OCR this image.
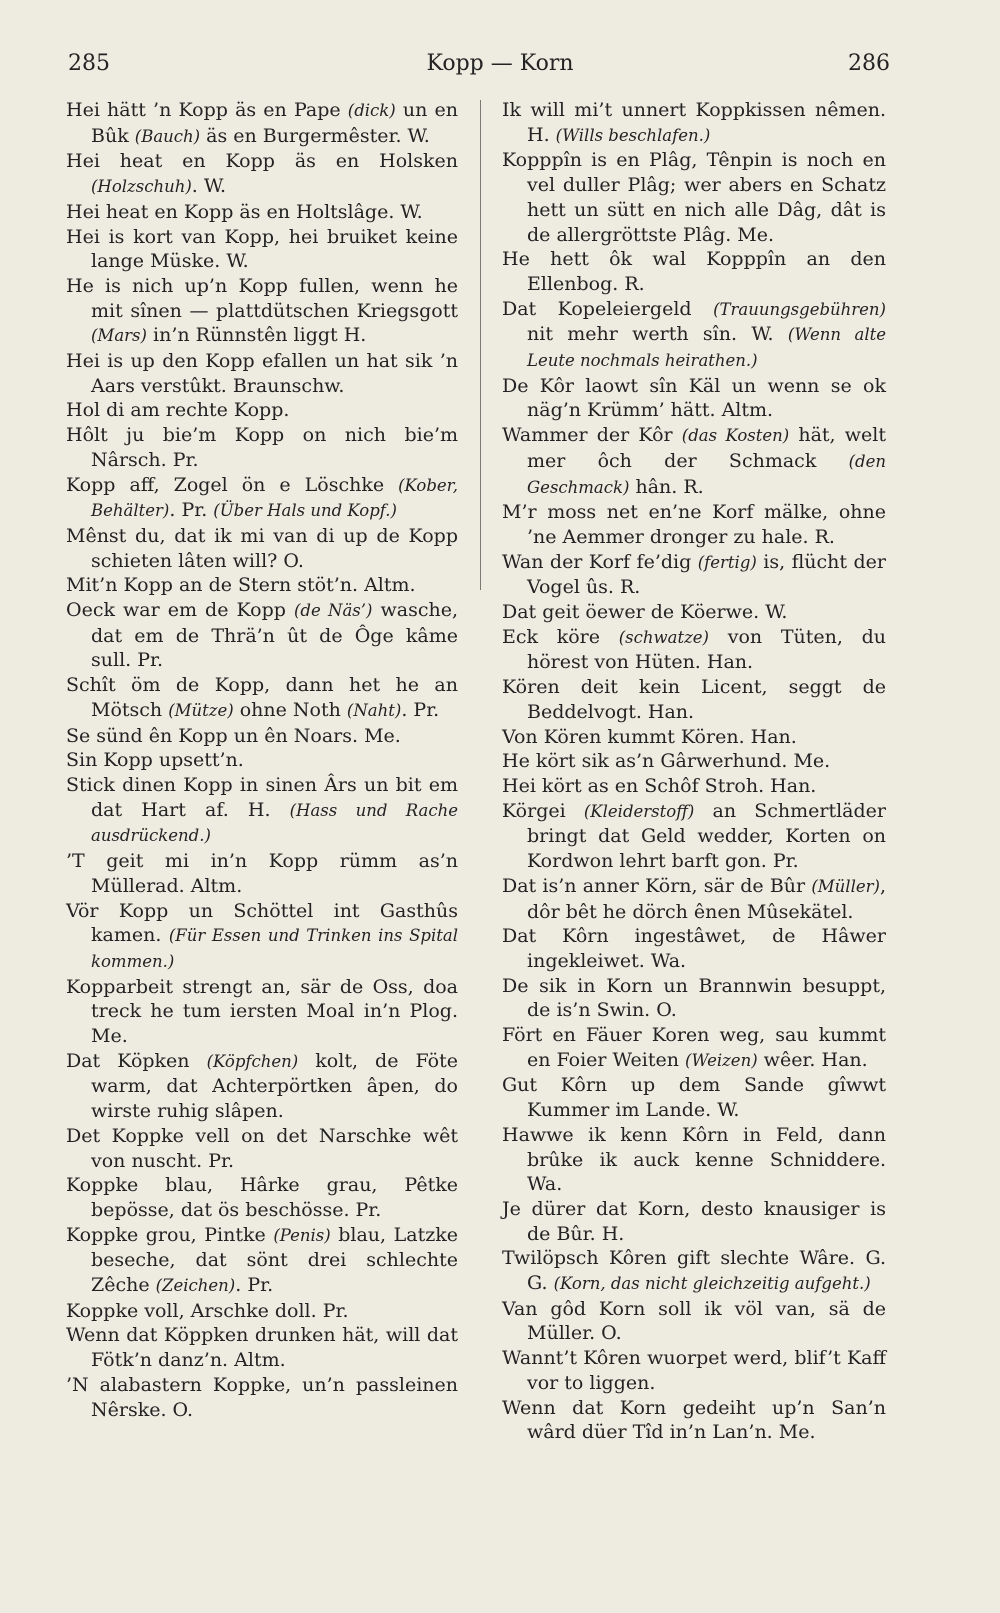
285	Kopp — Korn	286
Hei hätt ’n Kopp äs en Pape (dick) un en Bûk (Bauch) äs en Burgermêster. W.
Hei heat en Kopp äs en Holsken (Holzschuh). W.
Hei heat en Kopp äs en Holtslâge. W.
Hei is kort van Kopp, hei bruiket keine lange Müske. W.
He is nich up’n Kopp fullen, wenn he mit sînen — plattdütschen Kriegsgott (Mars) in’n Rünnstên liggt H.
Hei is up den Kopp efallen un hat sik ’n Aars verstûkt. Braunschw.
Hol di am rechte Kopp.
Hôlt ju bie’m Kopp on nich bie’m Nârsch. Pr.
Kopp aff, Zogel ön e Löschke (Kober, Behälter). Pr. (Über Hals und Kopf.)
Mênst du, dat ik mi van di up de Kopp schieten lâten will? O.
Mit’n Kopp an de Stern stöt’n. Altm.
Oeck war em de Kopp (de Näs’) wasche, dat em de Thrä’n ût de Ôge kâme sull. Pr.
Schît öm de Kopp, dann het he an Mötsch (Mütze) ohne Noth (Naht). Pr.
Se sünd ên Kopp un ên Noars. Me.
Sin Kopp upsett’n.
Stick dinen Kopp in sinen Ârs un bit em dat Hart af. H. (Hass und Rache ausdrückend.)
’T geit mi in’n Kopp rümm as’n Müllerad. Altm.
Vör Kopp un Schöttel int Gasthûs kamen. (Für Essen und Trinken ins Spital kommen.)
Kopparbeit strengt an, sär de Oss, doa treck he tum iersten Moal in’n Plog. Me.
Dat Köpken (Köpfchen) kolt, de Föte warm, dat Achterpörtken âpen, do wirste ruhig slâpen.
Det Koppke vell on det Narschke wêt von nuscht. Pr.
Koppke blau, Hârke grau, Pêtke bepösse, dat ös beschösse. Pr.
Koppke grou, Pintke (Penis) blau, Latzke beseche, dat sönt drei schlechte Zêche (Zeichen). Pr.
Koppke voll, Arschke doll. Pr.
Wenn dat Köppken drunken hät, will dat Fötk’n danz’n. Altm.
’N alabastern Koppke, un’n passleinen Nêrske. O.
Ik will mi’t unnert Koppkissen nêmen. H. (Wills beschlafen.)
Kopppîn is en Plâg, Tênpin is noch en vel duller Plâg; wer abers en Schatz hett un sütt en nich alle Dâg, dât is de allergröttste Plâg. Me.
He hett ôk wal Kopppîn an den Ellenbog. R.
Dat Kopeleiergeld (Trauungsgebühren) nit mehr werth sîn. W. (Wenn alte Leute nochmals heirathen.)
De Kôr laowt sîn Käl un wenn se ok näg’n Krümm’ hätt. Altm.
Wammer der Kôr (das Kosten) hät, welt mer ôch der Schmack (den Geschmack) hân. R.
M’r moss net en’ne Korf mälke, ohne ’ne Aemmer dronger zu hale. R.
Wan der Korf fe’dig (fertig) is, flücht der Vogel ûs. R.
Dat geit öewer de Köerwe. W.
Eck köre (schwatze) von Tüten, du hörest von Hüten. Han.
Kören deit kein Licent, seggt de Beddelvogt. Han.
Von Kören kummt Kören. Han.
He kört sik as’n Gârwerhund. Me.
Hei kört as en Schôf Stroh. Han.
Körgei (Kleiderstoff) an Schmertläder bringt dat Geld wedder, Korten on Kordwon lehrt barft gon. Pr.
Dat is’n anner Körn, sär de Bûr (Müller), dôr bêt he dörch ênen Mûsekätel.
Dat Kôrn ingestâwet, de Hâwer ingekleiwet. Wa.
De sik in Korn un Brannwin besuppt, de is’n Swin. O.
Fört en Fäuer Koren weg, sau kummt en Foier Weiten (Weizen) wêer. Han.
Gut Kôrn up dem Sande gîwwt Kummer im Lande. W.
Hawwe ik kenn Kôrn in Feld, dann brûke ik auck kenne Schniddere. Wa.
Je dürer dat Korn, desto knausiger is de Bûr. H.
Twilöpsch Kôren gift slechte Wâre. G. G. (Korn, das nicht gleichzeitig aufgeht.)
Van gôd Korn soll ik völ van, sä de Müller. O.
Wannt’t Kôren wuorpet werd, blif’t Kaff vor to liggen.
Wenn dat Korn gedeiht up’n San’n wârd düer Tîd in’n Lan’n. Me.
